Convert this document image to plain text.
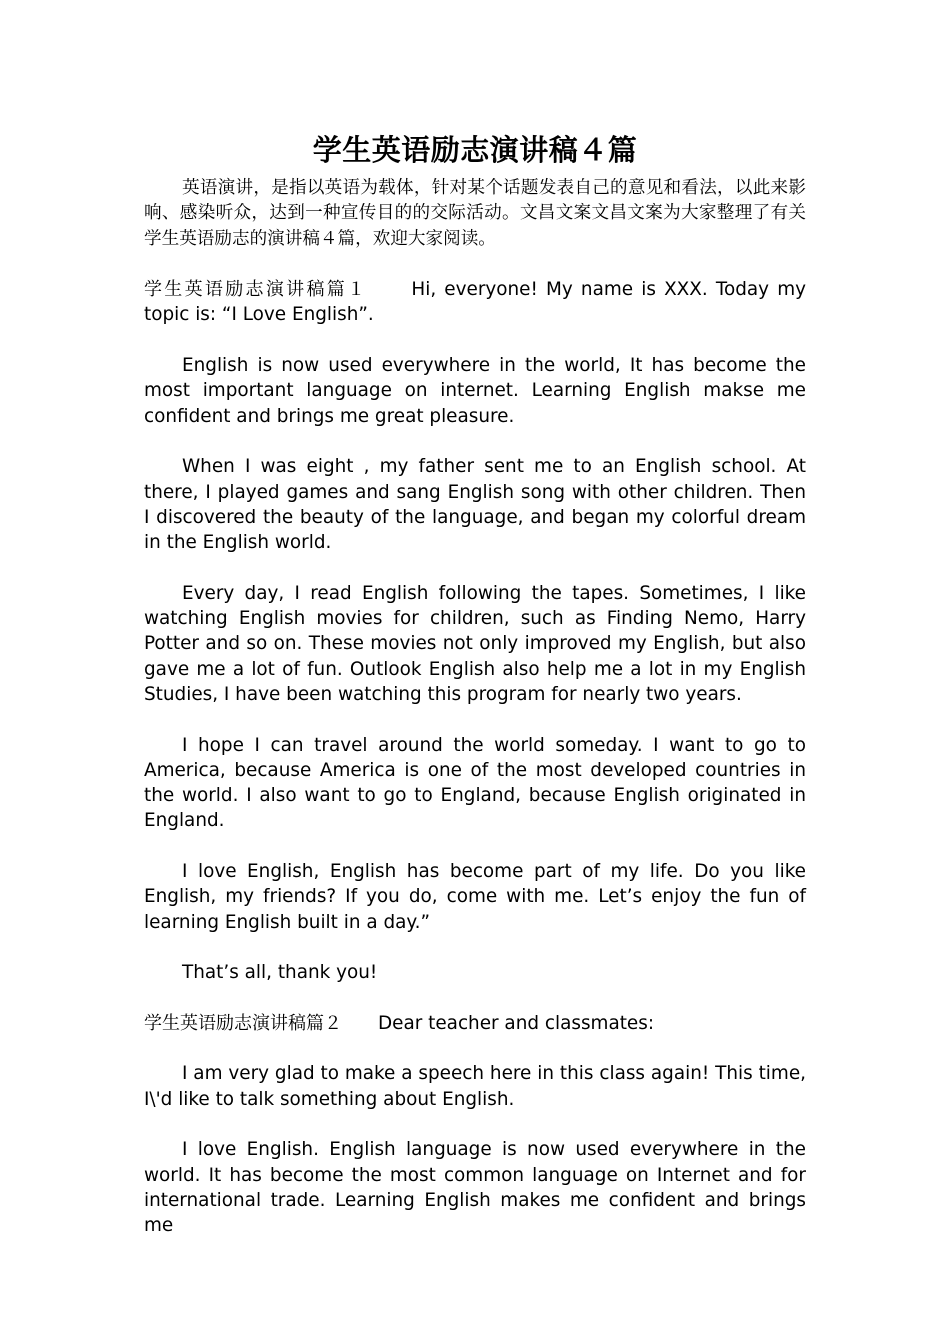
学生英语励志演讲稿４篇

英语演讲，是指以英语为载体，针对某个话题发表自己的意见和看法，以此来影响、感染听众，达到一种宣传目的的交际活动。文昌文案文昌文案为大家整理了有关学生英语励志的演讲稿４篇，欢迎大家阅读。

学生英语励志演讲稿篇１ Hi, everyone! My name is XXX. Today my topic is: “I Love English”.

English is now used everywhere in the world, It has become the most important language on internet. Learning English makse me confident and brings me great pleasure.

When I was eight , my father sent me to an English school. At there, I played games and sang English song with other children. Then I discovered the beauty of the language, and began my colorful dream in the English world.

Every day, I read English following the tapes. Sometimes, I like watching English movies for children, such as Finding Nemo, Harry Potter and so on. These movies not only improved my English, but also gave me a lot of fun. Outlook English also help me a lot in my English Studies, I have been watching this program for nearly two years.

I hope I can travel around the world someday. I want to go to America, because America is one of the most developed countries in the world. I also want to go to England, because English originated in England.

I love English, English has become part of my life. Do you like English, my friends? If you do, come with me. Let’s enjoy the fun of learning English built in a day.”

That’s all, thank you!

学生英语励志演讲稿篇２ Dear teacher and classmates:

I am very glad to make a speech here in this class again! This time, I\'d like to talk something about English.

I love English. English language is now used everywhere in the world. It has become the most common language on Internet and for international trade. Learning English makes me confident and brings me
